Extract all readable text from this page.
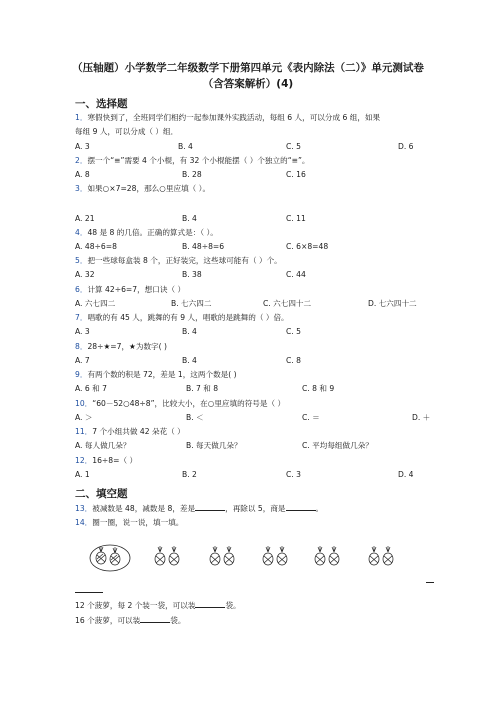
（压轴题）小学数学二年级数学下册第四单元《表内除法（二）》单元测试卷
（含答案解析）(4)
一、选择题
1．寒假快到了，全班同学们相约一起参加课外实践活动，每组 6 人，可以分成 6 组，如果
每组 9 人，可以分成（ ）组．
A. 3	B. 4	C. 5	D. 6
2．摆一个“≡”需要 4 个小棍，有 32 个小棍能摆（ ）个独立的“≡”。
A. 8	B. 28	C. 16
3．如果○×7=28，那么○里应填（ ）。
A. 21	B. 4	C. 11
4．48 是 8 的几倍。正确的算式是：（ ）。
A. 48÷6=8	B. 48÷8=6	C. 6×8=48
5．把一些球每盒装 8 个，正好装完，这些球可能有（ ）个。
A. 32	B. 38	C. 44
6．计算 42÷6=7，想口诀（ ）
A. 六七四二	B. 七六四二	C. 六七四十二	D. 七六四十二
7．唱歌的有 45 人，跳舞的有 9 人，唱歌的是跳舞的（ ）倍。
A. 3	B. 4	C. 5
8．28÷★=7，★为数字( )
A. 7	B. 4	C. 8
9．有两个数的积是 72，差是 1，这两个数是( )
A. 6 和 7	B. 7 和 8	C. 8 和 9
10．“60－52○48÷8”，比较大小，在○里应填的符号是（ ）
A. ＞	B. ＜	C. ＝	D. ＋
11．7 个小组共做 42 朵花（ ）
A. 每人做几朵？	B. 每天做几朵？	C. 平均每组做几朵？
12．16÷8=（ ）
A. 1	B. 2	C. 3	D. 4
二、填空题
13．被减数是 48，减数是 8，差是	，再除以 5，商是	。
14．圈一圈，说一说，填一填。
12 个菠萝，每 2 个装一袋，可以装	袋。
16 个菠萝，可以装	袋。
